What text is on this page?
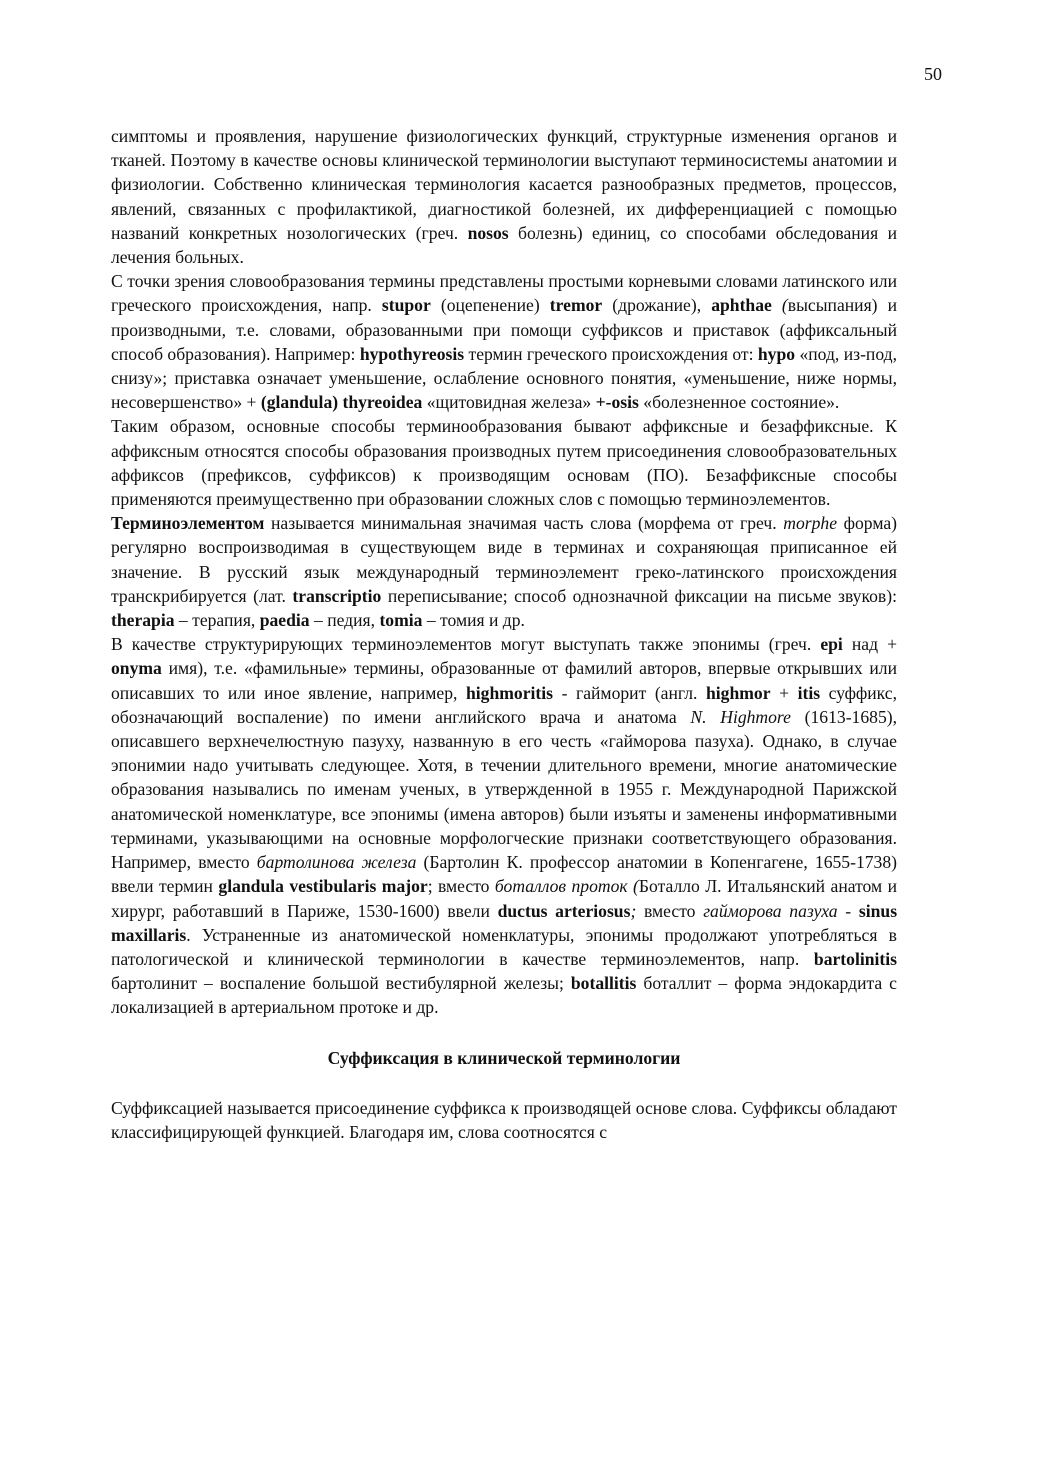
50

симптомы и проявления, нарушение физиологических функций, структурные изменения органов и тканей. Поэтому в качестве основы клинической терминологии выступают терминосистемы анатомии и физиологии. Собственно клиническая терминология касается разнообразных предметов, процессов, явлений, связанных с профилактикой, диагностикой болезней, их дифференциацией с помощью названий конкретных нозологических (греч. nosos болезнь) единиц, со способами обследования и лечения больных.

С точки зрения словообразования термины представлены простыми корневыми словами латинского или греческого происхождения, напр. stupor (оцепенение) tremor (дрожание), aphthae (высыпания) и производными, т.е. словами, образованными при помощи суффиксов и приставок (аффиксальный способ образования). Например: hypothyreosis термин греческого происхождения от: hypo «под, из-под, снизу»; приставка означает уменьшение, ослабление основного понятия, «уменьшение, ниже нормы, несовершенство» + (glandula) thyreoidea «щитовидная железа» +-osis «болезненное состояние».

Таким образом, основные способы терминообразования бывают аффиксные и безаффиксные. К аффиксным относятся способы образования производных путем присоединения словообразовательных аффиксов (префиксов, суффиксов) к производящим основам (ПО). Безаффиксные способы применяются преимущественно при образовании сложных слов с помощью терминоэлементов.

Терминоэлементом называется минимальная значимая часть слова (морфема от греч. morphe форма) регулярно воспроизводимая в существующем виде в терминах и сохраняющая приписанное ей значение. В русский язык международный терминоэлемент греко-латинского происхождения транскрибируется (лат. transcriptio переписывание; способ однозначной фиксации на письме звуков): therapia – терапия, paedia – педия, tomia – томия и др.

В качестве структурирующих терминоэлементов могут выступать также эпонимы (греч. epi над + onyma имя), т.е. «фамильные» термины, образованные от фамилий авторов, впервые открывших или описавших то или иное явление, например, highmoritis - гайморит (англ. highmor + itis суффикс, обозначающий воспаление) по имени английского врача и анатома N. Highmore (1613-1685), описавшего верхнечелюстную пазуху, названную в его честь «гайморова пазуха). Однако, в случае эпонимии надо учитывать следующее. Хотя, в течении длительного времени, многие анатомические образования назывались по именам ученых, в утвержденной в 1955 г. Международной Парижской анатомической номенклатуре, все эпонимы (имена авторов) были изъяты и заменены информативными терминами, указывающими на основные морфологческие признаки соответствующего образования. Например, вместо бартолинова железа (Бартолин К. профессор анатомии в Копенгагене, 1655-1738) ввели термин glandula vestibularis major; вместо боталлов проток (Боталло Л. Итальянский анатом и хирург, работавший в Париже, 1530-1600) ввели ductus arteriosus; вместо гайморова пазуха - sinus maxillaris. Устраненные из анатомической номенклатуры, эпонимы продолжают употребляться в патологической и клинической терминологии в качестве терминоэлементов, напр. bartolinitis бартолинит – воспаление большой вестибулярной железы; botallitis боталлит – форма эндокардита с локализацией в артериальном протоке и др.

Суффиксация в клинической терминологии

Суффиксацией называется присоединение суффикса к производящей основе слова. Суффиксы обладают классифицирующей функцией. Благодаря им, слова соотносятся с
